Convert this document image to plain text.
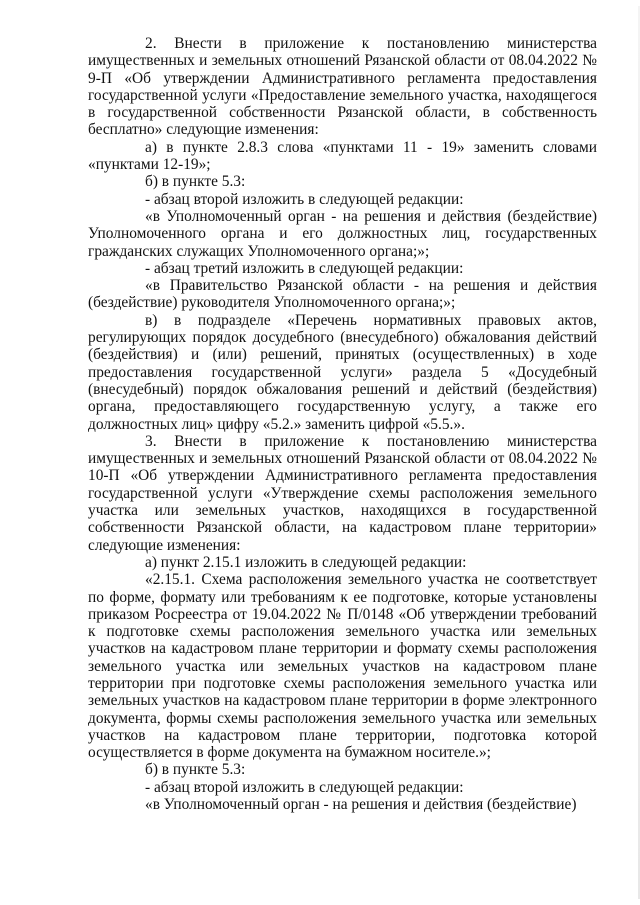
2. Внести в приложение к постановлению министерства имущественных и земельных отношений Рязанской области от 08.04.2022 № 9-П «Об утверждении Административного регламента предоставления государственной услуги «Предоставление земельного участка, находящегося в государственной собственности Рязанской области, в собственность бесплатно» следующие изменения:

а) в пункте 2.8.3 слова «пунктами 11 - 19» заменить словами «пунктами 12-19»;

б) в пункте 5.3:

- абзац второй изложить в следующей редакции:

«в Уполномоченный орган - на решения и действия (бездействие) Уполномоченного органа и его должностных лиц, государственных гражданских служащих Уполномоченного органа;»;

- абзац третий изложить в следующей редакции:

«в Правительство Рязанской области - на решения и действия (бездействие) руководителя Уполномоченного органа;»;

в) в подразделе «Перечень нормативных правовых актов, регулирующих порядок досудебного (внесудебного) обжалования действий (бездействия) и (или) решений, принятых (осуществленных) в ходе предоставления государственной услуги» раздела 5 «Досудебный (внесудебный) порядок обжалования решений и действий (бездействия) органа, предоставляющего государственную услугу, а также его должностных лиц» цифру «5.2.» заменить цифрой «5.5.».

3. Внести в приложение к постановлению министерства имущественных и земельных отношений Рязанской области от 08.04.2022 № 10-П «Об утверждении Административного регламента предоставления государственной услуги «Утверждение схемы расположения земельного участка или земельных участков, находящихся в государственной собственности Рязанской области, на кадастровом плане территории» следующие изменения:

а) пункт 2.15.1 изложить в следующей редакции:

«2.15.1. Схема расположения земельного участка не соответствует по форме, формату или требованиям к ее подготовке, которые установлены приказом Росреестра от 19.04.2022 № П/0148 «Об утверждении требований к подготовке схемы расположения земельного участка или земельных участков на кадастровом плане территории и формату схемы расположения земельного участка или земельных участков на кадастровом плане территории при подготовке схемы расположения земельного участка или земельных участков на кадастровом плане территории в форме электронного документа, формы схемы расположения земельного участка или земельных участков на кадастровом плане территории, подготовка которой осуществляется в форме документа на бумажном носителе.»;

б) в пункте 5.3:

- абзац второй изложить в следующей редакции:

«в Уполномоченный орган - на решения и действия (бездействие)
